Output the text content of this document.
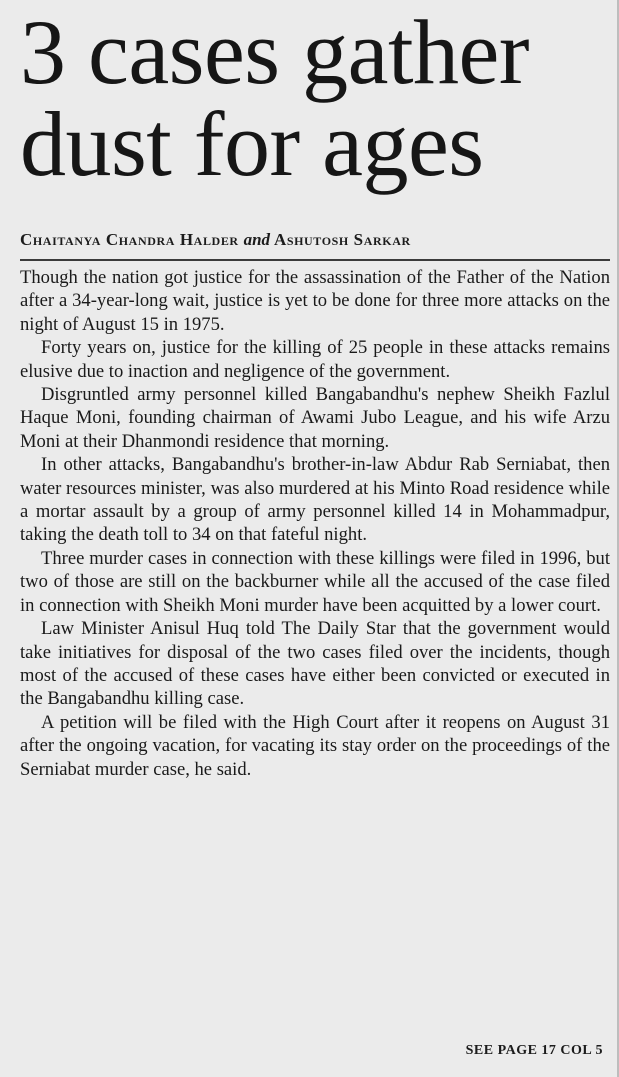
3 cases gather
dust for ages
Chaitanya Chandra Halder and Ashutosh Sarkar

Though the nation got justice for the assassination of the Father of the Nation after a 34-year-long wait, justice is yet to be done for three more attacks on the night of August 15 in 1975.

Forty years on, justice for the killing of 25 people in these attacks remains elusive due to inaction and negligence of the government.

Disgruntled army personnel killed Bangabandhu's nephew Sheikh Fazlul Haque Moni, founding chairman of Awami Jubo League, and his wife Arzu Moni at their Dhanmondi residence that morning.

In other attacks, Bangabandhu's brother-in-law Abdur Rab Serniabat, then water resources minister, was also murdered at his Minto Road residence while a mortar assault by a group of army personnel killed 14 in Mohammadpur, taking the death toll to 34 on that fateful night.

Three murder cases in connection with these killings were filed in 1996, but two of those are still on the backburner while all the accused of the case filed in connection with Sheikh Moni murder have been acquitted by a lower court.

Law Minister Anisul Huq told The Daily Star that the government would take initiatives for disposal of the two cases filed over the incidents, though most of the accused of these cases have either been convicted or executed in the Bangabandhu killing case.

A petition will be filed with the High Court after it reopens on August 31 after the ongoing vacation, for vacating its stay order on the proceedings of the Serniabat murder case, he said.

SEE PAGE 17 COL 5
